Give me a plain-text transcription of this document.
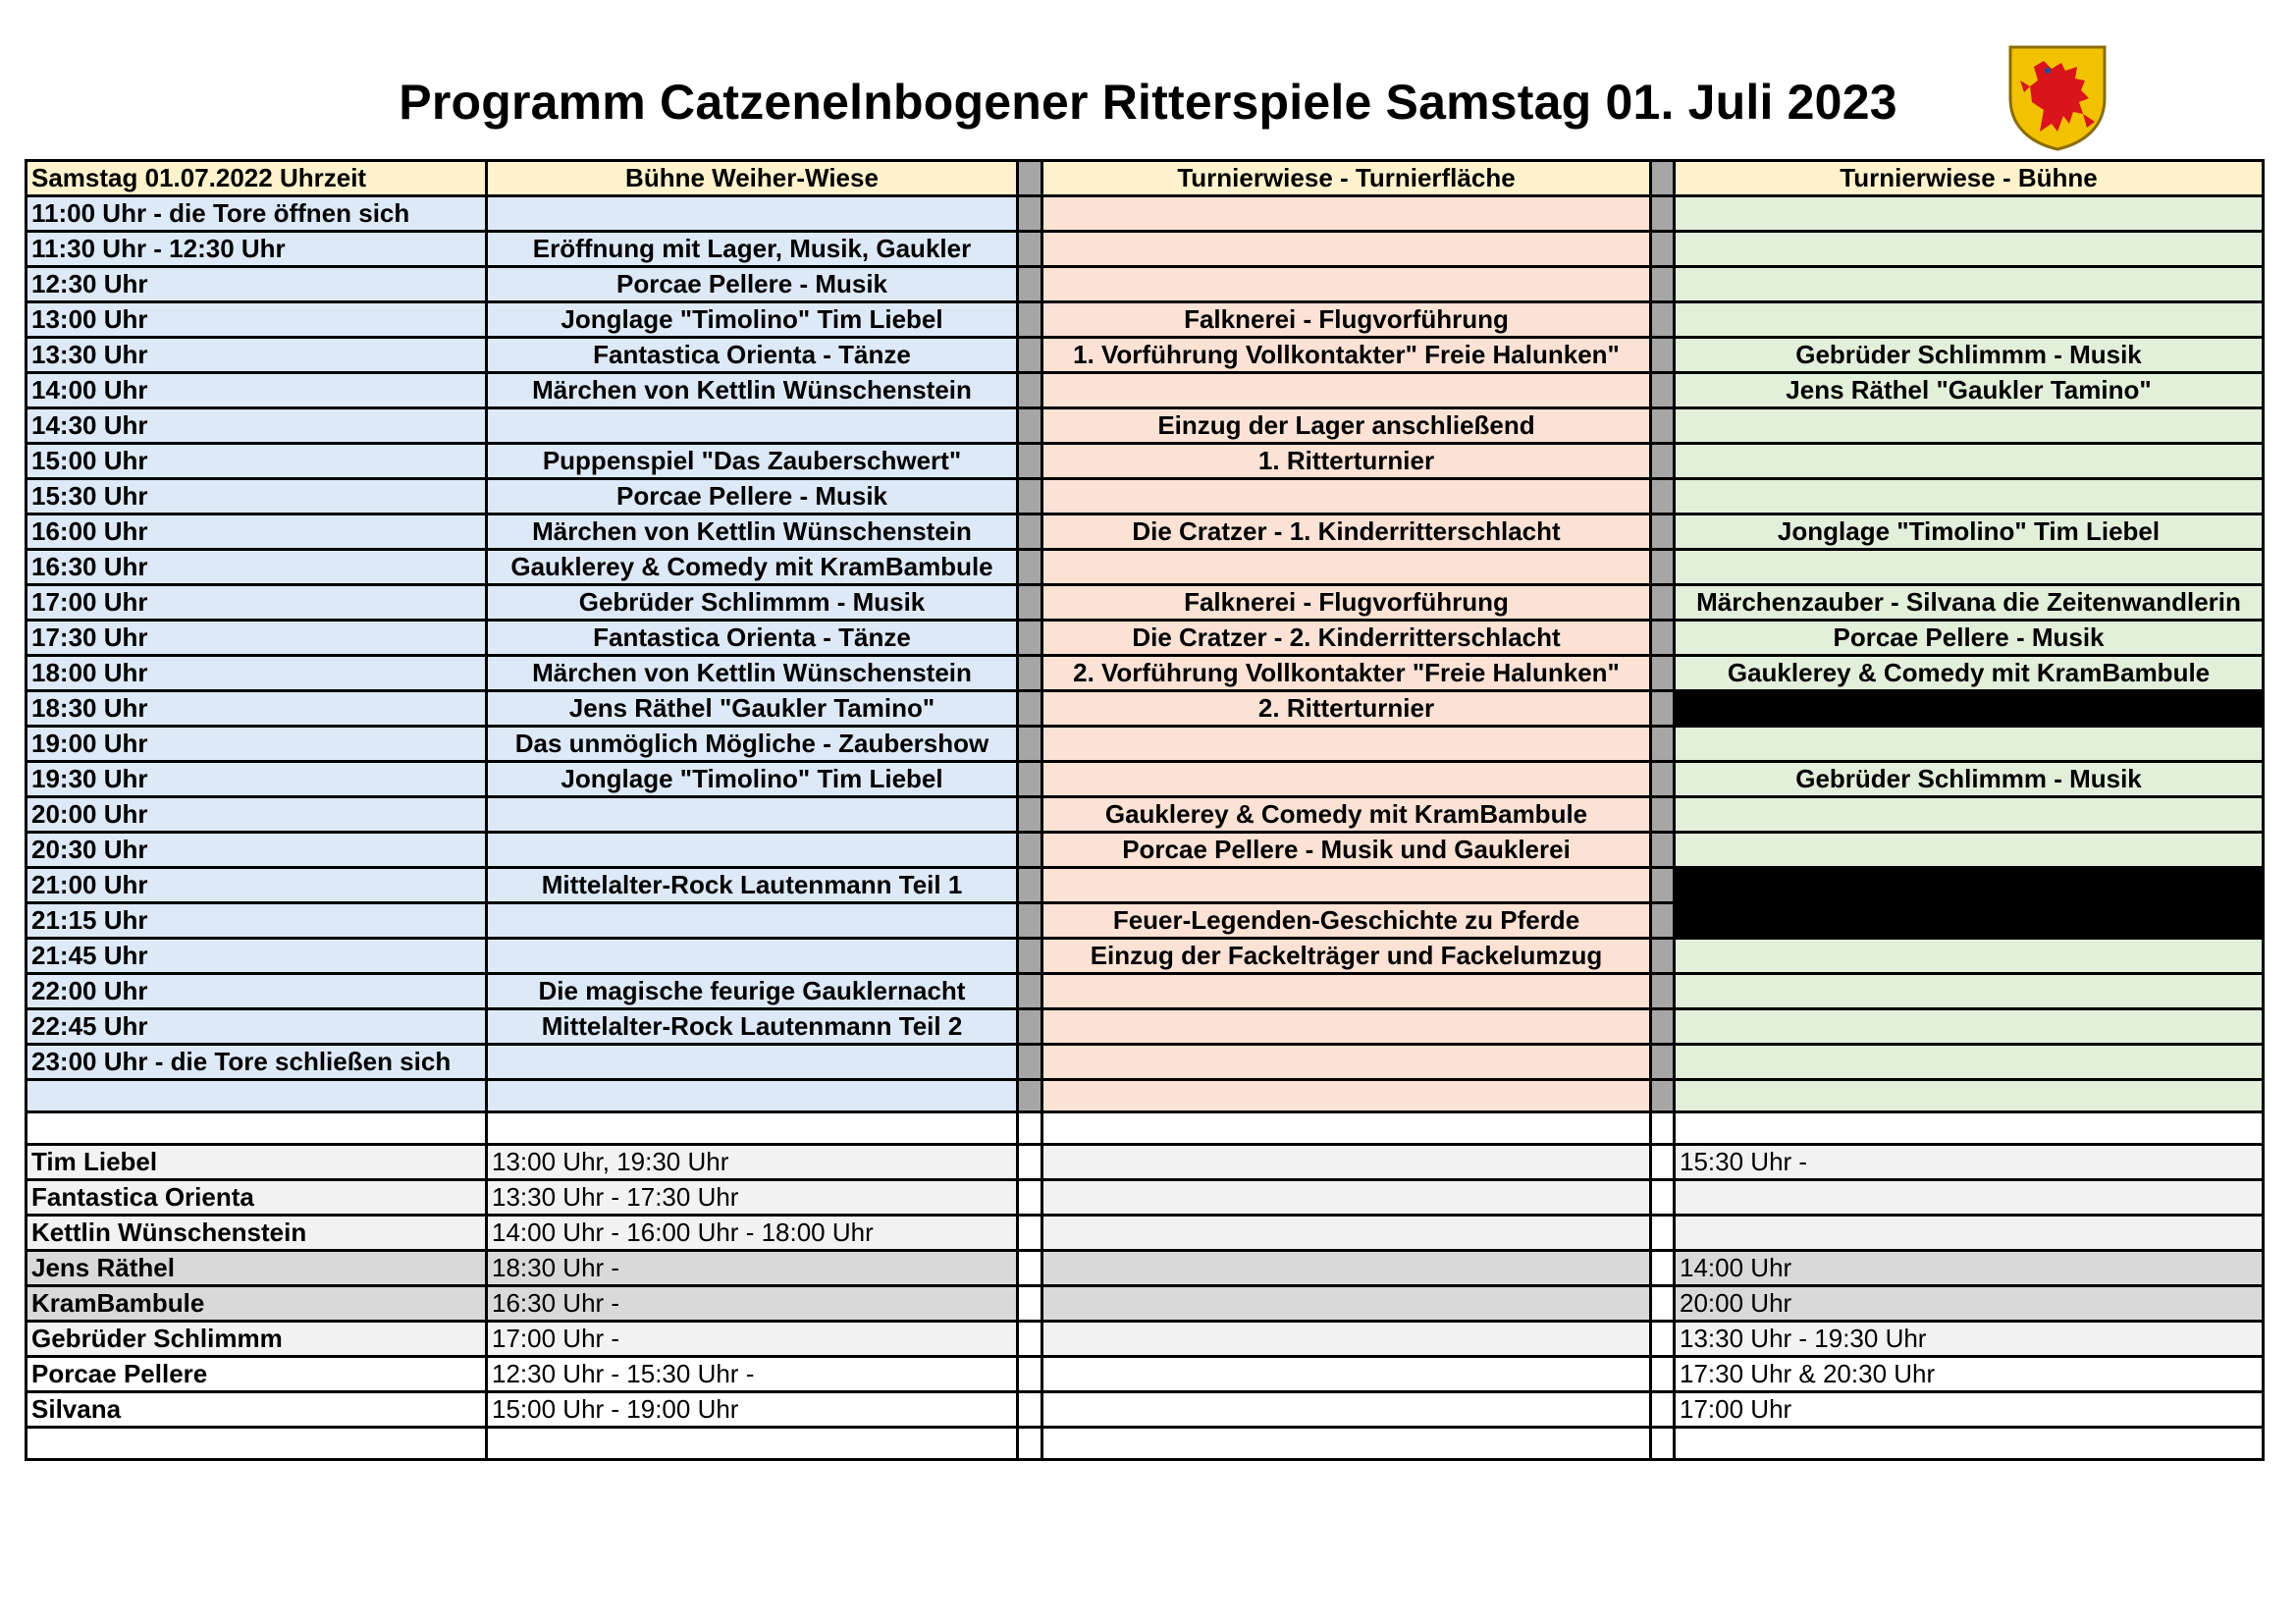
Programm Catzenelnbogener Ritterspiele Samstag 01. Juli 2023
Samstag 01.07.2022 Uhrzeit	Bühne Weiher-Wiese		Turnierwiese - Turnierfläche		Turnierwiese - Bühne
11:00 Uhr - die Tore öffnen sich					
11:30 Uhr - 12:30 Uhr	Eröffnung mit Lager, Musik, Gaukler				
12:30 Uhr	Porcae Pellere - Musik				
13:00 Uhr	Jonglage "Timolino" Tim Liebel		Falknerei - Flugvorführung		
13:30 Uhr	Fantastica Orienta - Tänze		1. Vorführung Vollkontakter" Freie Halunken"		Gebrüder Schlimmm - Musik
14:00 Uhr	Märchen von Kettlin Wünschenstein				Jens Räthel "Gaukler Tamino"
14:30 Uhr			Einzug der Lager anschließend		
15:00 Uhr	Puppenspiel "Das Zauberschwert"		1. Ritterturnier		
15:30 Uhr	Porcae Pellere - Musik				
16:00 Uhr	Märchen von Kettlin Wünschenstein		Die Cratzer - 1. Kinderritterschlacht		Jonglage "Timolino" Tim Liebel
16:30 Uhr	Gauklerey & Comedy mit KramBambule				
17:00 Uhr	Gebrüder Schlimmm - Musik		Falknerei - Flugvorführung		Märchenzauber - Silvana die Zeitenwandlerin
17:30 Uhr	Fantastica Orienta - Tänze		Die Cratzer - 2. Kinderritterschlacht		Porcae Pellere - Musik
18:00 Uhr	Märchen von Kettlin Wünschenstein		2. Vorführung Vollkontakter "Freie Halunken"		Gauklerey & Comedy mit KramBambule
18:30 Uhr	Jens Räthel "Gaukler Tamino"		2. Ritterturnier		
19:00 Uhr	Das unmöglich Mögliche - Zaubershow				
19:30 Uhr	Jonglage "Timolino" Tim Liebel				Gebrüder Schlimmm - Musik
20:00 Uhr			Gauklerey & Comedy mit KramBambule		
20:30 Uhr			Porcae Pellere - Musik und Gauklerei		
21:00 Uhr	Mittelalter-Rock Lautenmann Teil 1				
21:15 Uhr			Feuer-Legenden-Geschichte zu Pferde		
21:45 Uhr			Einzug der Fackelträger und Fackelumzug		
22:00 Uhr	Die magische feurige Gauklernacht				
22:45 Uhr	Mittelalter-Rock Lautenmann Teil 2				
23:00 Uhr - die Tore schließen sich					

Tim Liebel	13:00 Uhr, 19:30 Uhr				15:30 Uhr -
Fantastica Orienta	13:30 Uhr - 17:30 Uhr				
Kettlin Wünschenstein	14:00 Uhr - 16:00 Uhr - 18:00 Uhr				
Jens Räthel	18:30 Uhr -				14:00 Uhr
KramBambule	16:30 Uhr -				20:00 Uhr
Gebrüder Schlimmm	17:00 Uhr -				13:30 Uhr - 19:30 Uhr
Porcae Pellere	12:30 Uhr - 15:30 Uhr -				17:30 Uhr & 20:30 Uhr
Silvana	15:00 Uhr - 19:00 Uhr				17:00 Uhr
